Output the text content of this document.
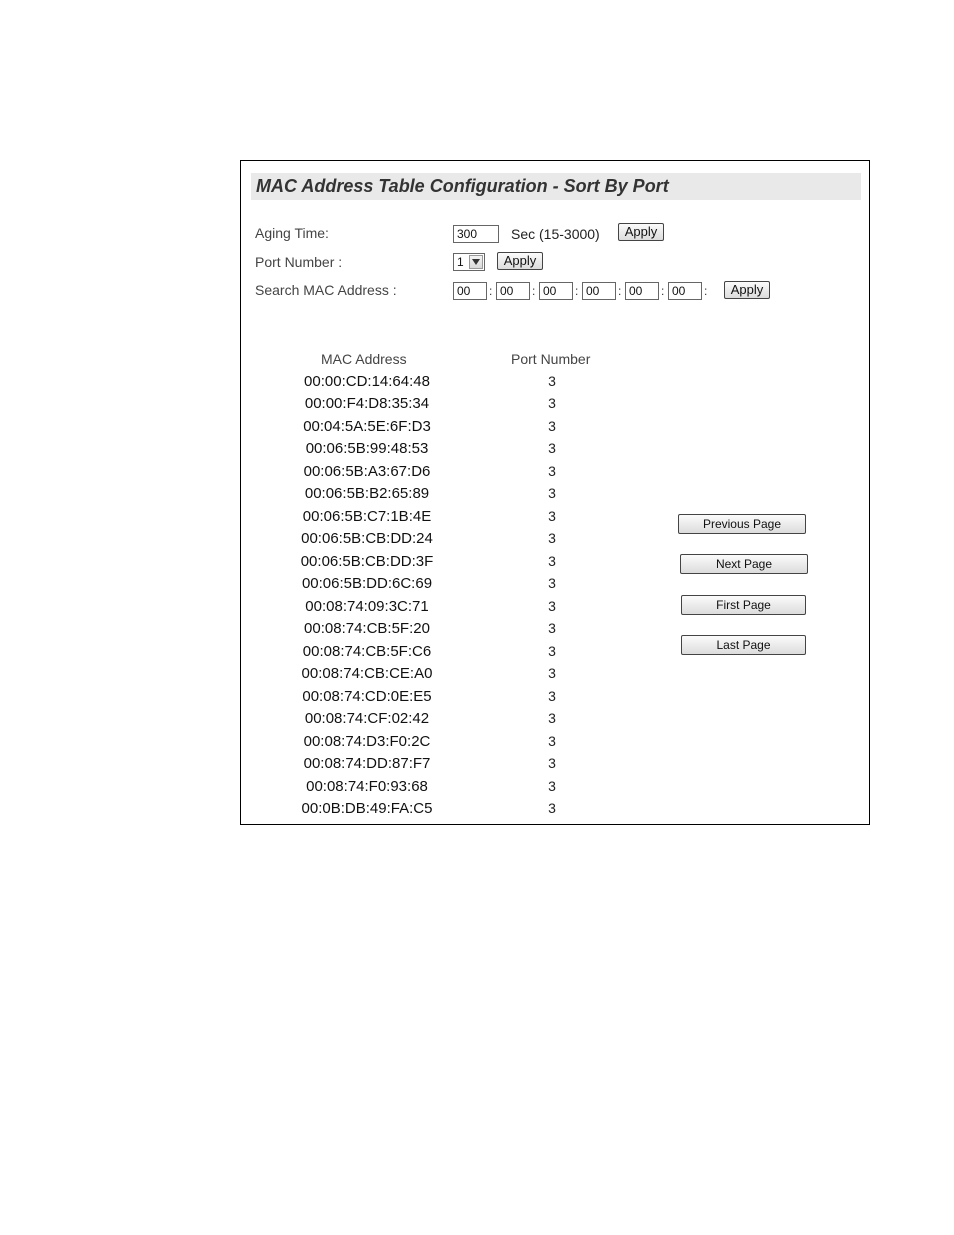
MAC Address Table Configuration - Sort By Port
Aging Time:
300	Sec (15-3000)	Apply
Port Number :	1	Apply
Search MAC Address :
00	:
00	:
00	:
00	:
00	:
00	:	Apply
MAC Address	Port Number
00:00:CD:14:64:48	3
00:00:F4:D8:35:34	3
00:04:5A:5E:6F:D3	3
00:06:5B:99:48:53	3
00:06:5B:A3:67:D6	3
00:06:5B:B2:65:89	3
00:06:5B:C7:1B:4E	3
00:06:5B:CB:DD:24	3
00:06:5B:CB:DD:3F	3
00:06:5B:DD:6C:69	3
00:08:74:09:3C:71	3
00:08:74:CB:5F:20	3
00:08:74:CB:5F:C6	3
00:08:74:CB:CE:A0	3
00:08:74:CD:0E:E5	3
00:08:74:CF:02:42	3
00:08:74:D3:F0:2C	3
00:08:74:DD:87:F7	3
00:08:74:F0:93:68	3
00:0B:DB:49:FA:C5	3
Previous Page
Next Page
First Page
Last Page
